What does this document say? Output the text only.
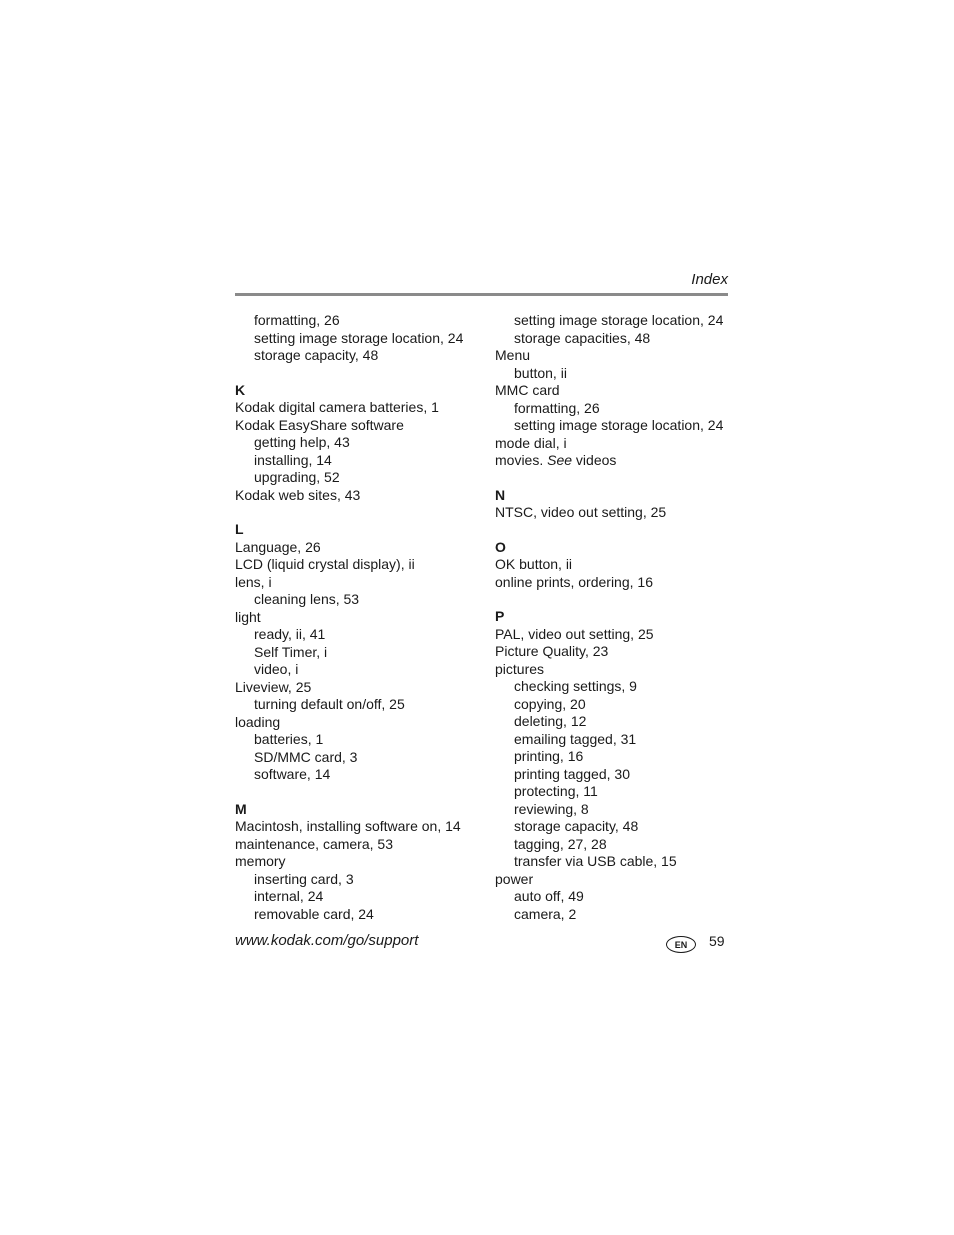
Index
formatting, 26
setting image storage location, 24
storage capacity, 48
K
Kodak digital camera batteries, 1
Kodak EasyShare software
getting help, 43
installing, 14
upgrading, 52
Kodak web sites, 43
L
Language, 26
LCD (liquid crystal display), ii
lens, i
cleaning lens, 53
light
ready, ii, 41
Self Timer, i
video, i
Liveview, 25
turning default on/off, 25
loading
batteries, 1
SD/MMC card, 3
software, 14
M
Macintosh, installing software on, 14
maintenance, camera, 53
memory
inserting card, 3
internal, 24
removable card, 24
setting image storage location, 24
storage capacities, 48
Menu
button, ii
MMC card
formatting, 26
setting image storage location, 24
mode dial, i
movies. See videos
N
NTSC, video out setting, 25
O
OK button, ii
online prints, ordering, 16
P
PAL, video out setting, 25
Picture Quality, 23
pictures
checking settings, 9
copying, 20
deleting, 12
emailing tagged, 31
printing, 16
printing tagged, 30
protecting, 11
reviewing, 8
storage capacity, 48
tagging, 27, 28
transfer via USB cable, 15
power
auto off, 49
camera, 2
www.kodak.com/go/support	EN	59
